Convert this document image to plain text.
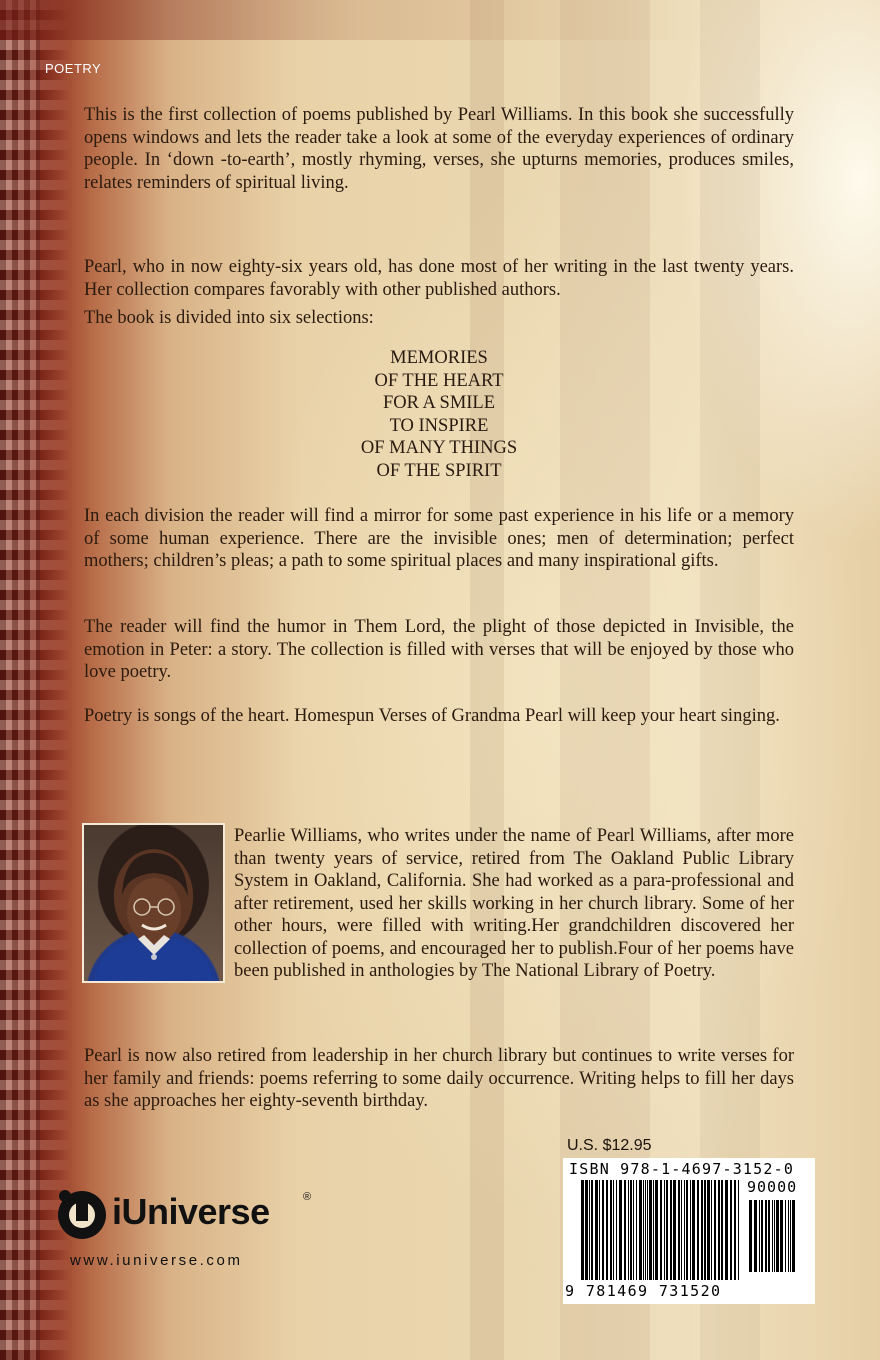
POETRY

This is the first collection of poems published by Pearl Williams. In this book she successfully opens windows and lets the reader take a look at some of the everyday experiences of ordinary people. In ‘down -to-earth’, mostly rhyming, verses, she upturns memories, produces smiles, relates reminders of spiritual living.

Pearl, who in now eighty-six years old, has done most of her writing in the last twenty years. Her collection compares favorably with other published authors.

The book is divided into six selections:

MEMORIES
OF THE HEART
FOR A SMILE
TO INSPIRE
OF MANY THINGS
OF THE SPIRIT

In each division the reader will find a mirror for some past experience in his life or a memory of some human experience. There are the invisible ones; men of determination; perfect mothers; children’s pleas; a path to some spiritual places and many inspirational gifts.

The reader will find the humor in Them Lord, the plight of those depicted in Invisible, the emotion in Peter: a story. The collection is filled with verses that will be enjoyed by those who love poetry.

Poetry is songs of the heart. Homespun Verses of Grandma Pearl will keep your heart singing.

Pearlie Williams, who writes under the name of Pearl Williams, after more than twenty years of service, retired from The Oakland Public Library System in Oakland, California. She had worked as a para-professional and after retirement, used her skills working in her church library. Some of her other hours, were filled with writing.Her grandchildren discovered her collection of poems, and encouraged her to publish.Four of her poems have been published in anthologies by The National Library of Poetry.

Pearl is now also retired from leadership in her church library but continues to write verses for her family and friends: poems referring to some daily occurrence. Writing helps to fill her days as she approaches her eighty-seventh birthday.

U.S. $12.95
ISBN 978-1-4697-3152-0
90000
9 781469 731520
iUniverse	®
www.iuniverse.com
